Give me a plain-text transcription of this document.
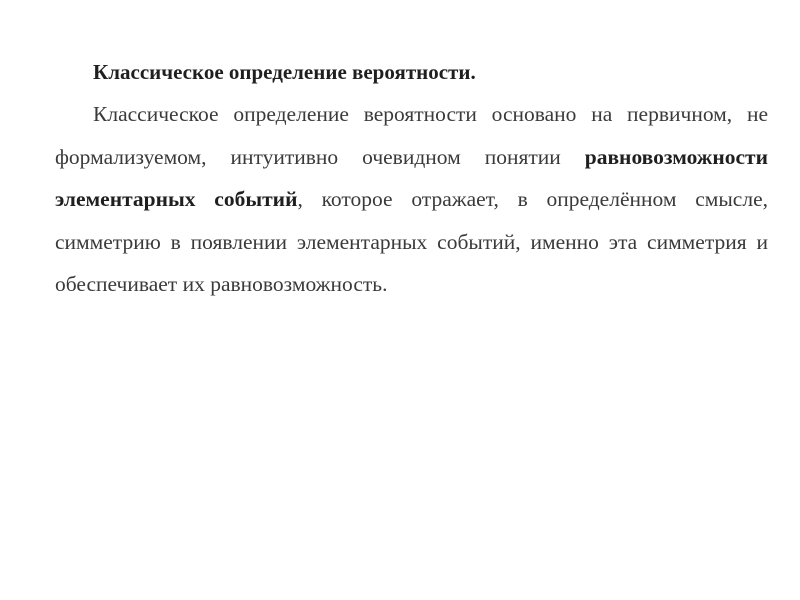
Классическое определение вероятности.

Классическое определение вероятности основано на первичном, не формализуемом, интуитивно очевидном понятии равновозможности элементарных событий, которое отражает, в определённом смысле, симметрию в появлении элементарных событий, именно эта симметрия и обеспечивает их равновозможность.
